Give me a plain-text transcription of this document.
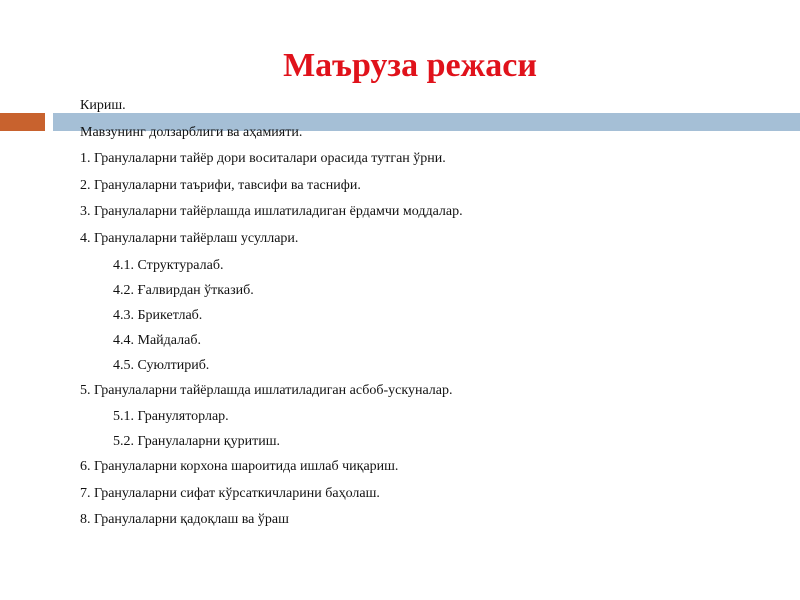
Маъруза режаси
Кириш.
Мавзунинг долзарблиги ва аҳамияти.
1. Гранулаларни тайёр дори воситалари орасида тутган ўрни.
2. Гранулаларни таърифи, тавсифи ва таснифи.
3. Гранулаларни тайёрлашда ишлатиладиган ёрдамчи моддалар.
4. Гранулаларни тайёрлаш усуллари.
4.1. Структуралаб.
4.2. Ғалвирдан ўтказиб.
4.3. Брикетлаб.
4.4. Майдалаб.
4.5. Суюлтириб.
5. Гранулаларни тайёрлашда ишлатиладиган асбоб-ускуналар.
5.1. Грануляторлар.
5.2. Гранулаларни қуритиш.
6. Гранулаларни корхона шароитида ишлаб чиқариш.
7. Гранулаларни сифат кўрсаткичларини баҳолаш.
8. Гранулаларни қадоқлаш ва ўраш
